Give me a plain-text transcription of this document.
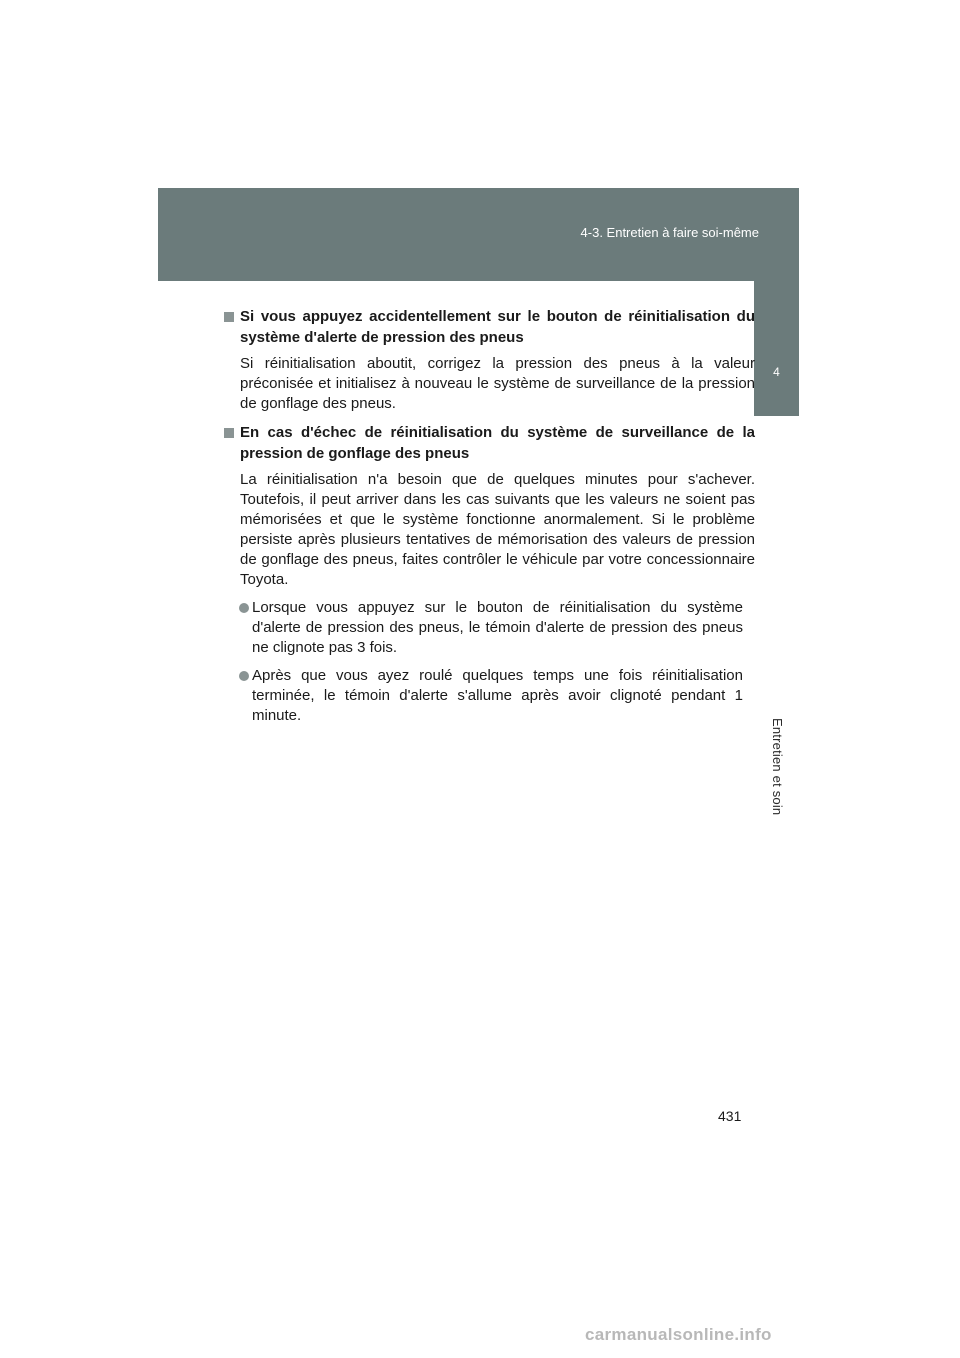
4-3. Entretien à faire soi-même
4
Entretien et soin
Si vous appuyez accidentellement sur le bouton de réinitialisation du système d'alerte de pression des pneus

Si réinitialisation aboutit, corrigez la pression des pneus à la valeur préconisée et initialisez à nouveau le système de surveillance de la pression de gonflage des pneus.

En cas d'échec de réinitialisation du système de surveillance de la pression de gonflage des pneus

La réinitialisation n'a besoin que de quelques minutes pour s'achever. Toutefois, il peut arriver dans les cas suivants que les valeurs ne soient pas mémorisées et que le système fonctionne anormalement. Si le problème persiste après plusieurs tentatives de mémorisation des valeurs de pression de gonflage des pneus, faites contrôler le véhicule par votre concessionnaire Toyota.

Lorsque vous appuyez sur le bouton de réinitialisation du système d'alerte de pression des pneus, le témoin d'alerte de pression des pneus ne clignote pas 3 fois.
Après que vous ayez roulé quelques temps une fois réinitialisation terminée, le témoin d'alerte s'allume après avoir clignoté pendant 1 minute.
431
carmanualsonline.info
